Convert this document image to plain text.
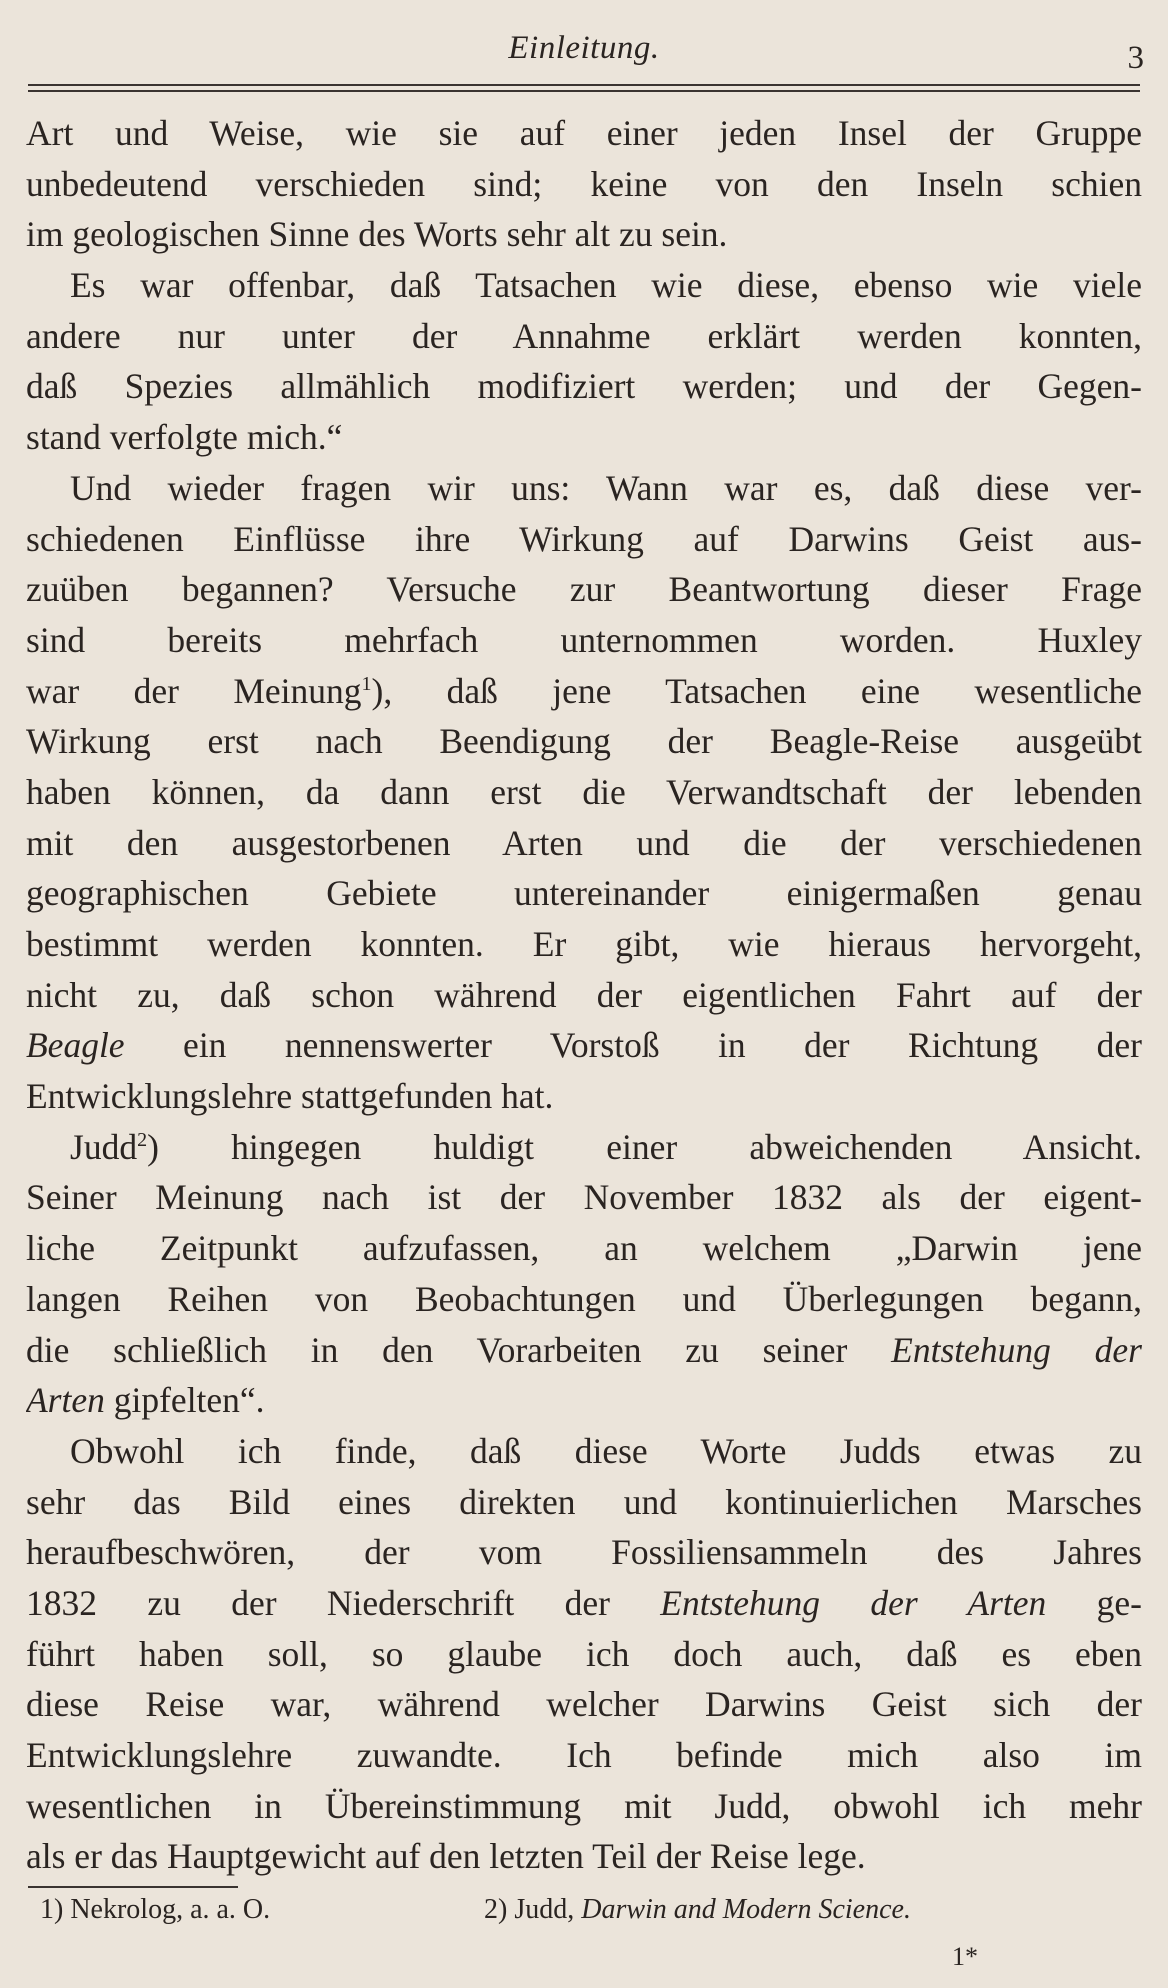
Einleitung.	3
Art und Weise, wie sie auf einer jeden Insel der Gruppe
unbedeutend verschieden sind; keine von den Inseln schien
im geologischen Sinne des Worts sehr alt zu sein.
Es war offenbar, daß Tatsachen wie diese, ebenso wie viele
andere nur unter der Annahme erklärt werden konnten,
daß Spezies allmählich modifiziert werden; und der Gegen-
stand verfolgte mich.“
Und wieder fragen wir uns: Wann war es, daß diese ver-
schiedenen Einflüsse ihre Wirkung auf Darwins Geist aus-
zuüben begannen? Versuche zur Beantwortung dieser Frage
sind bereits mehrfach unternommen worden. Huxley
war der Meinung$^1$), daß jene Tatsachen eine wesentliche
Wirkung erst nach Beendigung der Beagle-Reise ausgeübt
haben können, da dann erst die Verwandtschaft der lebenden
mit den ausgestorbenen Arten und die der verschiedenen
geographischen Gebiete untereinander einigermaßen genau
bestimmt werden konnten. Er gibt, wie hieraus hervorgeht,
nicht zu, daß schon während der eigentlichen Fahrt auf der
Beagle ein nennenswerter Vorstoß in der Richtung der
Entwicklungslehre stattgefunden hat.
Judd$^2$) hingegen huldigt einer abweichenden Ansicht.
Seiner Meinung nach ist der November 1832 als der eigent-
liche Zeitpunkt aufzufassen, an welchem „Darwin jene
langen Reihen von Beobachtungen und Überlegungen begann,
die schließlich in den Vorarbeiten zu seiner Entstehung der
Arten gipfelten“.
Obwohl ich finde, daß diese Worte Judds etwas zu
sehr das Bild eines direkten und kontinuierlichen Marsches
heraufbeschwören, der vom Fossiliensammeln des Jahres
1832 zu der Niederschrift der Entstehung der Arten ge-
führt haben soll, so glaube ich doch auch, daß es eben
diese Reise war, während welcher Darwins Geist sich der
Entwicklungslehre zuwandte. Ich befinde mich also im
wesentlichen in Übereinstimmung mit Judd, obwohl ich mehr
als er das Hauptgewicht auf den letzten Teil der Reise lege.
1) Nekrolog, a. a. O.	2) Judd, Darwin and Modern Science.
1*
